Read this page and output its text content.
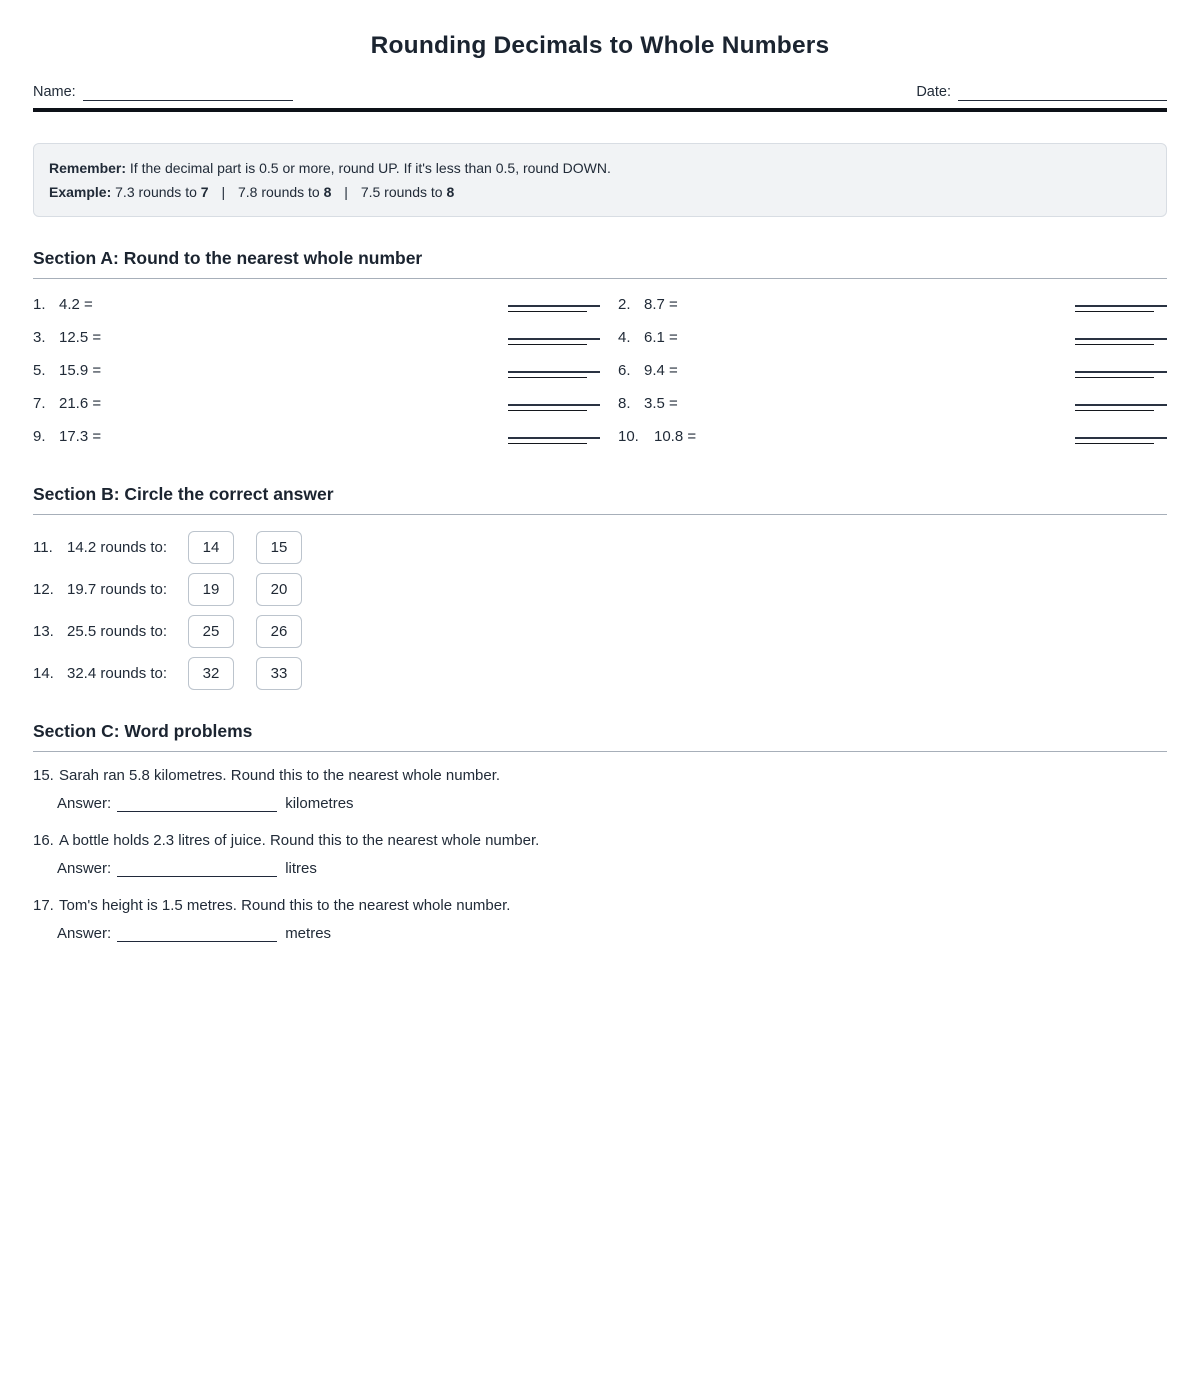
Rounding Decimals to Whole Numbers
Name:	Date:
Remember: If the decimal part is 0.5 or more, round UP. If it's less than 0.5, round DOWN.
Example: 7.3 rounds to 7 | 7.8 rounds to 8 | 7.5 rounds to 8
Section A: Round to the nearest whole number
1. 4.2 =	2. 8.7 =
3. 12.5 =	4. 6.1 =
5. 15.9 =	6. 9.4 =
7. 21.6 =	8. 3.5 =
9. 17.3 =	10.	10.8 =
Section B: Circle the correct answer
11. 14.2 rounds to:	14	15
12. 19.7 rounds to:	19	20
13. 25.5 rounds to:	25	26
14. 32.4 rounds to:	32	33
Section C: Word problems
15. Sarah ran 5.8 kilometres. Round this to the nearest whole number.
Answer:	kilometres
16. A bottle holds 2.3 litres of juice. Round this to the nearest whole number.
Answer:	litres
17. Tom's height is 1.5 metres. Round this to the nearest whole number.
Answer:	metres
